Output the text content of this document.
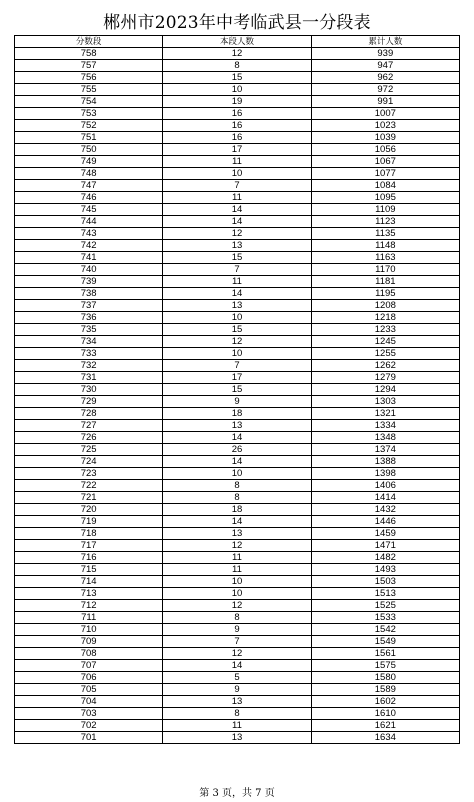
郴州市2023年中考临武县一分段表
分数段	本段人数	累计人数
758	12	939
757	8	947
756	15	962
755	10	972
754	19	991
753	16	1007
752	16	1023
751	16	1039
750	17	1056
749	11	1067
748	10	1077
747	7	1084
746	11	1095
745	14	1109
744	14	1123
743	12	1135
742	13	1148
741	15	1163
740	7	1170
739	11	1181
738	14	1195
737	13	1208
736	10	1218
735	15	1233
734	12	1245
733	10	1255
732	7	1262
731	17	1279
730	15	1294
729	9	1303
728	18	1321
727	13	1334
726	14	1348
725	26	1374
724	14	1388
723	10	1398
722	8	1406
721	8	1414
720	18	1432
719	14	1446
718	13	1459
717	12	1471
716	11	1482
715	11	1493
714	10	1503
713	10	1513
712	12	1525
711	8	1533
710	9	1542
709	7	1549
708	12	1561
707	14	1575
706	5	1580
705	9	1589
704	13	1602
703	8	1610
702	11	1621
701	13	1634
第 3 页，共 7 页
